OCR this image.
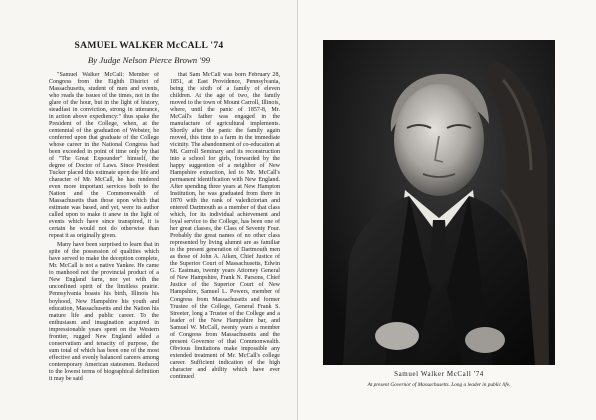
SAMUEL WALKER McCALL '74
By Judge Nelson Pierce Brown '99

"Samuel Walker McCall: Member of Congress from the Eighth District of Massachusetts, student of men and events, who reads the issues of the times, not in the glare of the hour, but in the light of history, steadfast in conviction, strong in utterance, in action above expediency:" thus spake the President of the College, when, at the centennial of the graduation of Webster, he conferred upon that graduate of the College whose career in the National Congress had been exceeded in point of time only by that of "The Great Expounder" himself, the degree of Doctor of Laws. Since President Tucker placed this estimate upon the life and character of Mr. McCall, he has rendered even more important services both to the Nation and the Commonwealth of Massachusetts than those upon which that estimate was based, and yet, were its author called upon to make it anew in the light of events which have since transpired, it is certain he would not do otherwise than repeat it as originally given.

Many have been surprised to learn that in spite of the possession of qualities which have served to make the deception complete, Mr. McCall is not a native Yankee. He came to manhood not the provincial product of a New England farm, nor yet with the unconfined spirit of the limitless prairie. Pennsylvania boasts his birth, Illinois his boyhood, New Hampshire his youth and education, Massachusetts and the Nation his mature life and public career. To the enthusiasm and imagination acquired in impressionable years spent on the Western frontier, rugged New England added a conservatism and tenacity of purpose, the sum total of which has been one of the most effective and evenly balanced careers among contemporary American statesmen. Reduced to the lowest terms of biographical definition it may be said

that Sam McCall was born February 28, 1851, at East Providence, Pennsylvania, being the sixth of a family of eleven children. At the age of two, the family moved to the town of Mount Carroll, Illinois, where, until the panic of 1857-8, Mr. McCall's father was engaged in the manufacture of agricultural implements. Shortly after the panic the family again moved, this time to a farm in the immediate vicinity. The abandonment of co-education at Mt. Carroll Seminary and its reconstruction into a school for girls, forwarded by the happy suggestion of a neighbor of New Hampshire extraction, led to Mr. McCall's permanent identification with New England. After spending three years at New Hampton Institution, he was graduated from there in 1870 with the rank of valedictorian and entered Dartmouth as a member of that class which, for its individual achievement and loyal service to the College, has been one of her great classes, the Class of Seventy Four. Probably the great names of no other class represented by living alumni are as familiar to the present generation of Dartmouth men as those of John A. Aiken, Chief Justice of the Superior Court of Massachusetts, Edwin G. Eastman, twenty years Attorney General of New Hampshire, Frank N. Parsons, Chief Justice of the Superior Court of New Hampshire, Samuel L. Powers, member of Congress from Massachusetts and former Trustee of the College, General Frank S. Streeter, long a Trustee of the College and a leader of the New Hampshire bar, and Samuel W. McCall, twenty years a member of Congress from Massachusetts and the present Governor of that Commonwealth. Obvious limitations make impossible any extended treatment of Mr. McCall's college career. Sufficient indication of the high character and ability which have ever continued	Samuel Walker McCall '74
At present Governor of Massachusetts. Long a leader in public life.
